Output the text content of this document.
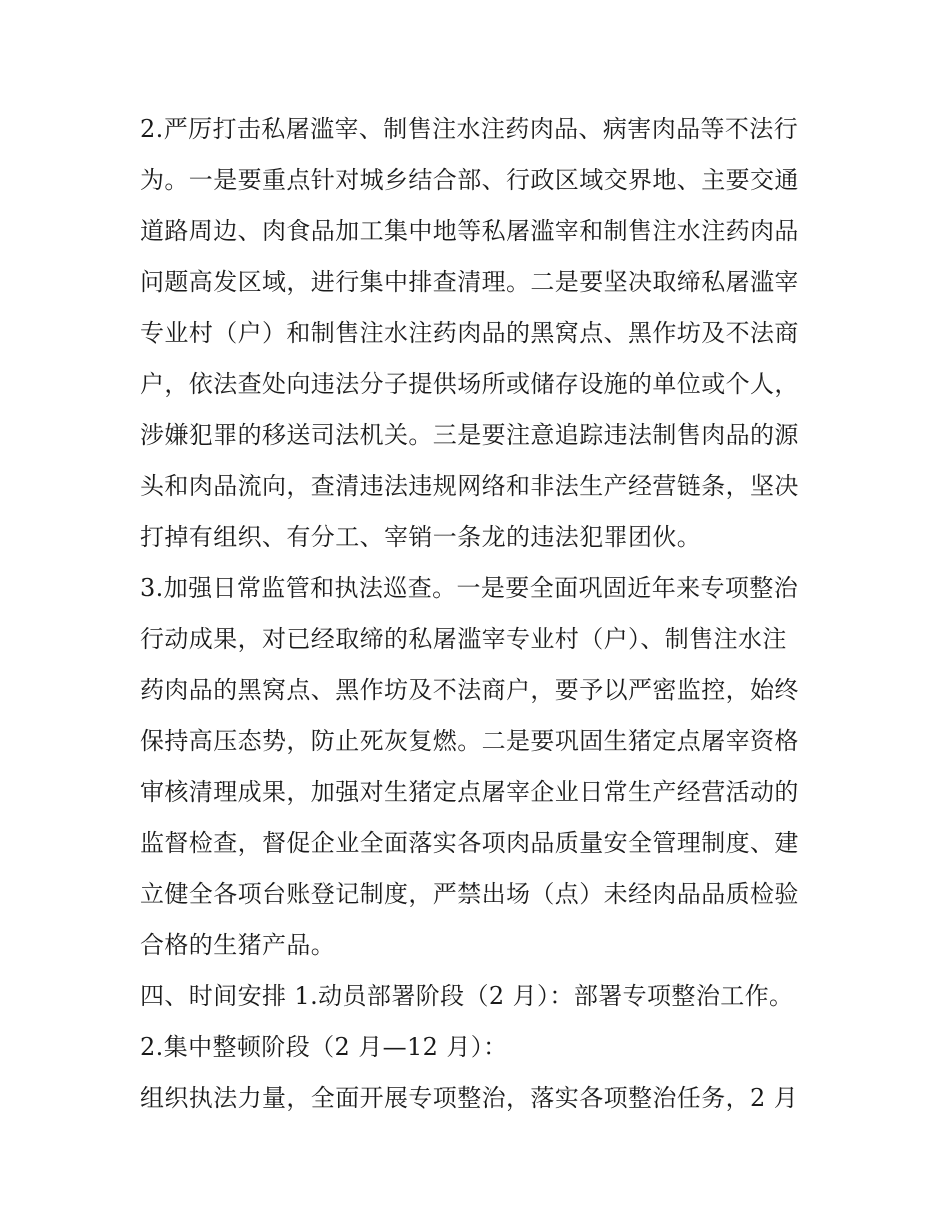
2.严厉打击私屠滥宰、制售注水注药肉品、病害肉品等不法行
为。一是要重点针对城乡结合部、行政区域交界地、主要交通
道路周边、肉食品加工集中地等私屠滥宰和制售注水注药肉品
问题高发区域，进行集中排查清理。二是要坚决取缔私屠滥宰
专业村（户）和制售注水注药肉品的黑窝点、黑作坊及不法商
户，依法查处向违法分子提供场所或储存设施的单位或个人，
涉嫌犯罪的移送司法机关。三是要注意追踪违法制售肉品的源
头和肉品流向，查清违法违规网络和非法生产经营链条，坚决
打掉有组织、有分工、宰销一条龙的违法犯罪团伙。
3.加强日常监管和执法巡查。一是要全面巩固近年来专项整治
行动成果，对已经取缔的私屠滥宰专业村（户）、制售注水注
药肉品的黑窝点、黑作坊及不法商户，要予以严密监控，始终
保持高压态势，防止死灰复燃。二是要巩固生猪定点屠宰资格
审核清理成果，加强对生猪定点屠宰企业日常生产经营活动的
监督检查，督促企业全面落实各项肉品质量安全管理制度、建
立健全各项台账登记制度，严禁出场（点）未经肉品品质检验
合格的生猪产品。
四、时间安排 1.动员部署阶段（2 月）：部署专项整治工作。
2.集中整顿阶段（2 月—12 月）：
组织执法力量，全面开展专项整治，落实各项整治任务，2 月
